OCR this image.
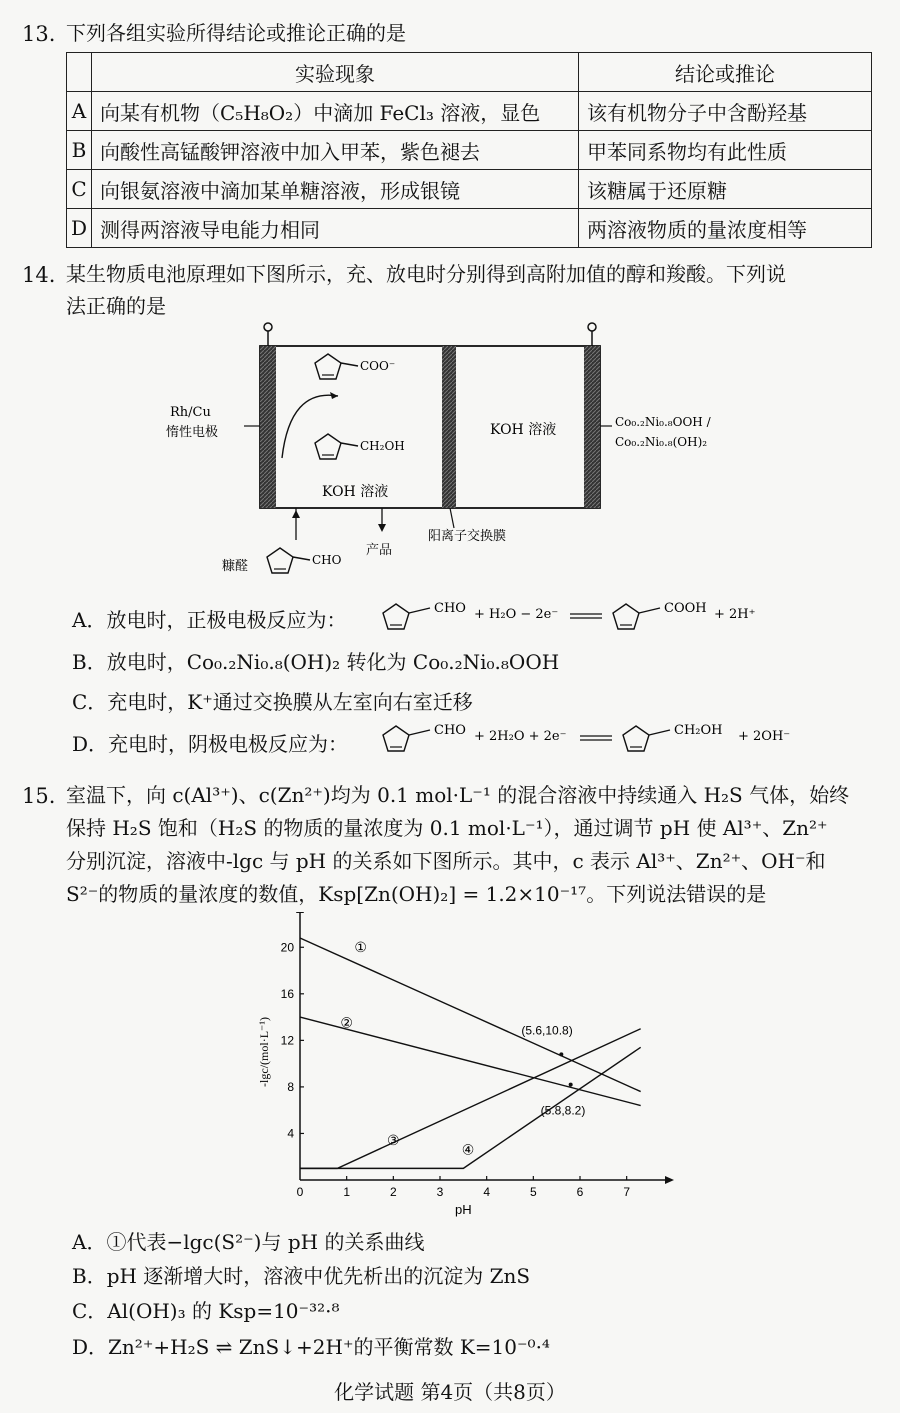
13. 下列各组实验所得结论或推论正确的是
	实验现象	结论或推论
A	向某有机物（C₅H₈O₂）中滴加 FeCl₃ 溶液，显色	该有机物分子中含酚羟基
B	向酸性高锰酸钾溶液中加入甲苯，紫色褪去	甲苯同系物均有此性质
C	向银氨溶液中滴加某单糖溶液，形成银镜	该糖属于还原糖
D	测得两溶液导电能力相同	两溶液物质的量浓度相等
14. 某生物质电池原理如下图所示，充、放电时分别得到高附加值的醇和羧酸。下列说
法正确的是
COO⁻
CH₂OH
KOH 溶液
KOH 溶液
Rh/Cu
惰性电极
Co₀.₂Ni₀.₈OOH /
Co₀.₂Ni₀.₈(OH)₂
阳离子交换膜
糠醛	CHO
产品
A．放电时，正极电极反应为：	CHO + H₂O − 2e⁻	COOH + 2H⁺
B．放电时，Co₀.₂Ni₀.₈(OH)₂ 转化为 Co₀.₂Ni₀.₈OOH
C．充电时，K⁺通过交换膜从左室向右室迁移
D．充电时，阴极电极反应为：
CHO + 2H₂O + 2e⁻	CH₂OH + 2OH⁻
15. 室温下，向 c(Al³⁺)、c(Zn²⁺)均为 0.1 mol·L⁻¹ 的混合溶液中持续通入 H₂S 气体，始终
保持 H₂S 饱和（H₂S 的物质的量浓度为 0.1 mol·L⁻¹），通过调节 pH 使 Al³⁺、Zn²⁺
分别沉淀，溶液中-lgc 与 pH 的关系如下图所示。其中，c 表示 Al³⁺、Zn²⁺、OH⁻和
S²⁻的物质的量浓度的数值，Ksp[Zn(OH)₂] = 1.2×10⁻¹⁷。下列说法错误的是
0	1	2	3	4	5	6	7
4
8
12
16
20
pH
-lgc/(mol·L⁻¹)
①
②
③
④
(5.6,10.8)
(5.8,8.2)
A．①代表−lgc(S²⁻)与 pH 的关系曲线
B．pH 逐渐增大时，溶液中优先析出的沉淀为 ZnS
C．Al(OH)₃ 的 Ksp=10⁻³²·⁸
D．Zn²⁺+H₂S ⇌ ZnS↓+2H⁺的平衡常数 K=10⁻⁰·⁴
化学试题 第4页（共8页）
